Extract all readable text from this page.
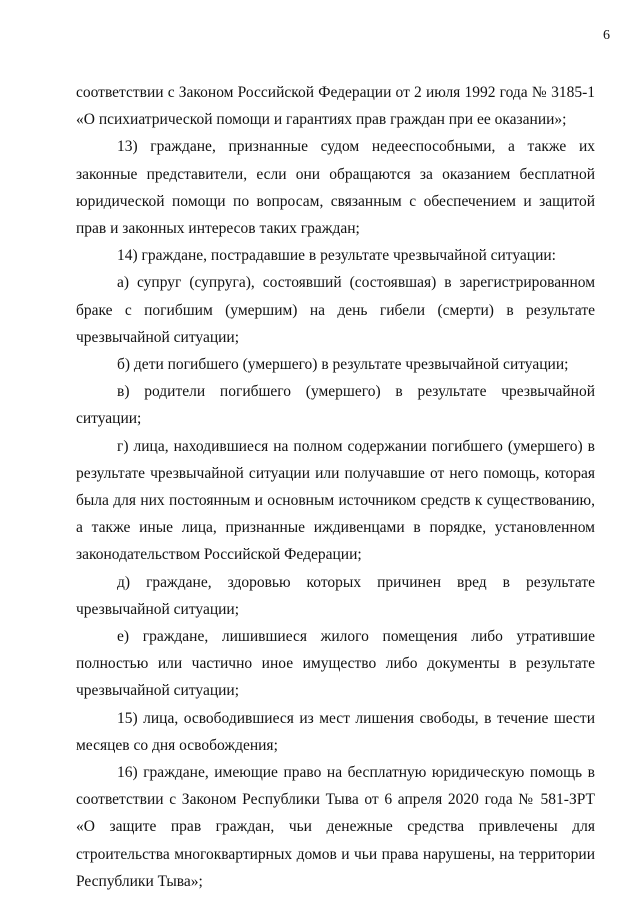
6

соответствии с Законом Российской Федерации от 2 июля 1992 года № 3185-1 «О психиатрической помощи и гарантиях прав граждан при ее оказании»;

13) граждане, признанные судом недееспособными, а также их законные представители, если они обращаются за оказанием бесплатной юридической помощи по вопросам, связанным с обеспечением и защитой прав и законных интересов таких граждан;

14) граждане, пострадавшие в результате чрезвычайной ситуации:

а) супруг (супруга), состоявший (состоявшая) в зарегистрированном браке с погибшим (умершим) на день гибели (смерти) в результате чрезвычайной ситуации;

б) дети погибшего (умершего) в результате чрезвычайной ситуации;

в) родители погибшего (умершего) в результате чрезвычайной ситуации;

г) лица, находившиеся на полном содержании погибшего (умершего) в результате чрезвычайной ситуации или получавшие от него помощь, которая была для них постоянным и основным источником средств к существованию, а также иные лица, признанные иждивенцами в порядке, установленном законодательством Российской Федерации;

д) граждане, здоровью которых причинен вред в результате чрезвычайной ситуации;

е) граждане, лишившиеся жилого помещения либо утратившие полностью или частично иное имущество либо документы в результате чрезвычайной ситуации;

15) лица, освободившиеся из мест лишения свободы, в течение шести месяцев со дня освобождения;

16) граждане, имеющие право на бесплатную юридическую помощь в соответствии с Законом Республики Тыва от 6 апреля 2020 года № 581-ЗРТ «О защите прав граждан, чьи денежные средства привлечены для строительства многоквартирных домов и чьи права нарушены, на территории Республики Тыва»;
